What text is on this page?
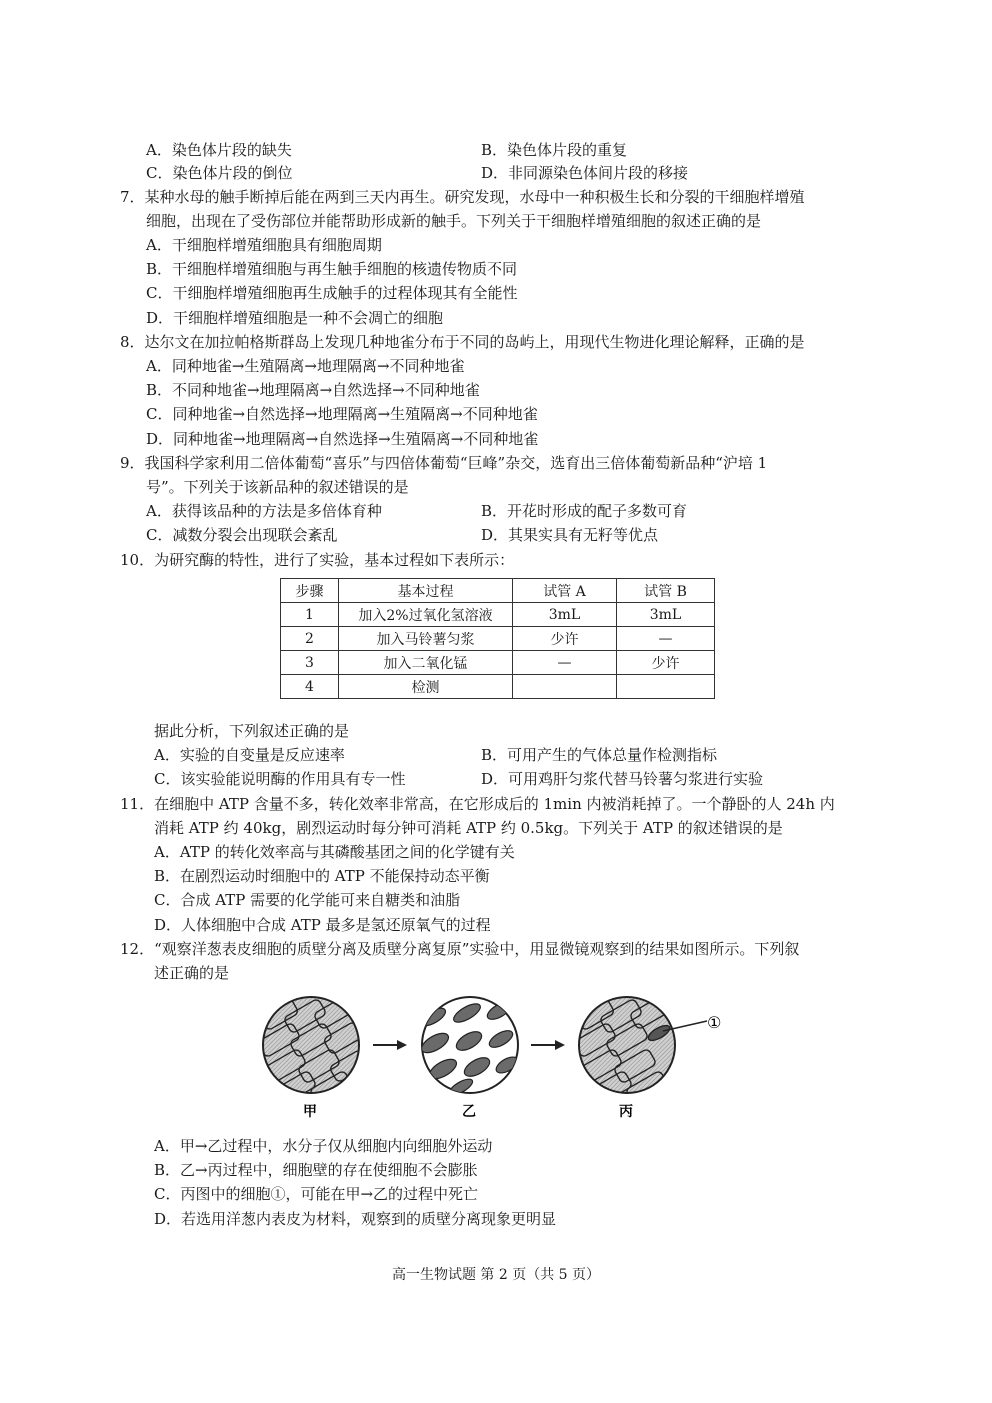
A．染色体片段的缺失	B．染色体片段的重复
C．染色体片段的倒位	D．非同源染色体间片段的移接
7．某种水母的触手断掉后能在两到三天内再生。研究发现，水母中一种积极生长和分裂的干细胞样增殖
细胞，出现在了受伤部位并能帮助形成新的触手。下列关于干细胞样增殖细胞的叙述正确的是
A．干细胞样增殖细胞具有细胞周期
B．干细胞样增殖细胞与再生触手细胞的核遗传物质不同
C．干细胞样增殖细胞再生成触手的过程体现其有全能性
D．干细胞样增殖细胞是一种不会凋亡的细胞
8．达尔文在加拉帕格斯群岛上发现几种地雀分布于不同的岛屿上，用现代生物进化理论解释，正确的是
A．同种地雀→生殖隔离→地理隔离→不同种地雀
B．不同种地雀→地理隔离→自然选择→不同种地雀
C．同种地雀→自然选择→地理隔离→生殖隔离→不同种地雀
D．同种地雀→地理隔离→自然选择→生殖隔离→不同种地雀
9．我国科学家利用二倍体葡萄“喜乐”与四倍体葡萄“巨峰”杂交，选育出三倍体葡萄新品种“沪培 1
号”。下列关于该新品种的叙述错误的是
A．获得该品种的方法是多倍体育种	B．开花时形成的配子多数可育
C．减数分裂会出现联会紊乱	D．其果实具有无籽等优点
10．为研究酶的特性，进行了实验，基本过程如下表所示：
步骤	基本过程	试管 A	试管 B
1	加入2%过氧化氢溶液	3mL	3mL
2	加入马铃薯匀浆	少许	—
3	加入二氧化锰	—	少许
4	检测		
据此分析，下列叙述正确的是
A．实验的自变量是反应速率	B．可用产生的气体总量作检测指标
C．该实验能说明酶的作用具有专一性	D．可用鸡肝匀浆代替马铃薯匀浆进行实验
11．在细胞中 ATP 含量不多，转化效率非常高，在它形成后的 1min 内被消耗掉了。一个静卧的人 24h 内
消耗 ATP 约 40kg，剧烈运动时每分钟可消耗 ATP 约 0.5kg。下列关于 ATP 的叙述错误的是
A．ATP 的转化效率高与其磷酸基团之间的化学键有关
B．在剧烈运动时细胞中的 ATP 不能保持动态平衡
C．合成 ATP 需要的化学能可来自糖类和油脂
D．人体细胞中合成 ATP 最多是氢还原氧气的过程
12．“观察洋葱表皮细胞的质壁分离及质壁分离复原”实验中，用显微镜观察到的结果如图所示。下列叙
述正确的是
①
甲	乙	丙
A．甲→乙过程中，水分子仅从细胞内向细胞外运动
B．乙→丙过程中，细胞壁的存在使细胞不会膨胀
C．丙图中的细胞①，可能在甲→乙的过程中死亡
D．若选用洋葱内表皮为材料，观察到的质壁分离现象更明显
高一生物试题 第 2 页（共 5 页）
